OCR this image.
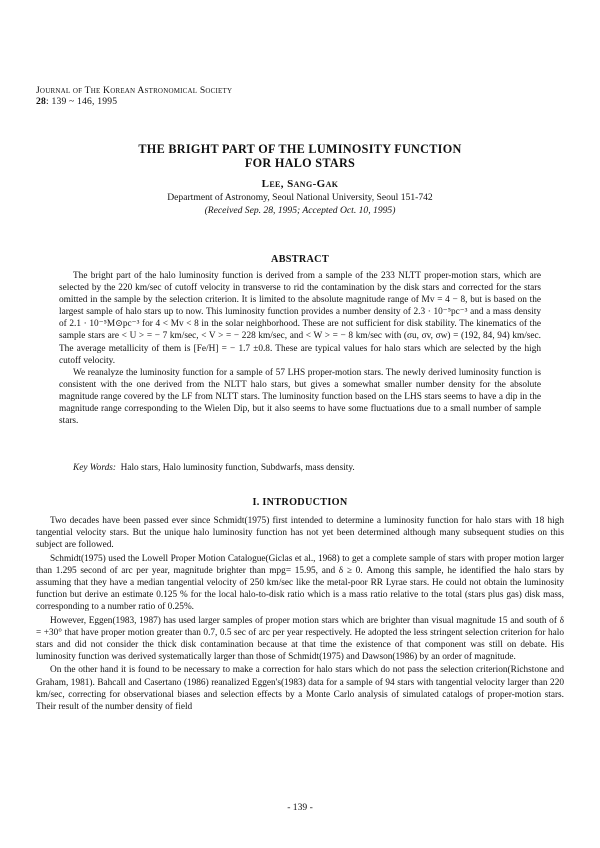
Journal of The Korean Astronomical Society
28: 139 ~ 146, 1995
THE BRIGHT PART OF THE LUMINOSITY FUNCTION
FOR HALO STARS
Lee, Sang-Gak
Department of Astronomy, Seoul National University, Seoul 151-742
(Received Sep. 28, 1995; Accepted Oct. 10, 1995)
ABSTRACT

The bright part of the halo luminosity function is derived from a sample of the 233 NLTT proper-motion stars, which are selected by the 220 km/sec of cutoff velocity in transverse to rid the contamination by the disk stars and corrected for the stars omitted in the sample by the selection criterion. It is limited to the absolute magnitude range of Mv = 4 − 8, but is based on the largest sample of halo stars up to now. This luminosity function provides a number density of 2.3 · 10⁻⁵pc⁻³ and a mass density of 2.1 · 10⁻⁵M⊙pc⁻³ for 4 < Mv < 8 in the solar neighborhood. These are not sufficient for disk stability. The kinematics of the sample stars are < U > = − 7 km/sec, < V > = − 228 km/sec, and < W > = − 8 km/sec with (σu, σv, σw) = (192, 84, 94) km/sec. The average metallicity of them is [Fe/H] = − 1.7 ±0.8. These are typical values for halo stars which are selected by the high cutoff velocity.

We reanalyze the luminosity function for a sample of 57 LHS proper-motion stars. The newly derived luminosity function is consistent with the one derived from the NLTT halo stars, but gives a somewhat smaller number density for the absolute magnitude range covered by the LF from NLTT stars. The luminosity function based on the LHS stars seems to have a dip in the magnitude range corresponding to the Wielen Dip, but it also seems to have some fluctuations due to a small number of sample stars.

Key Words: Halo stars, Halo luminosity function, Subdwarfs, mass density.
I. INTRODUCTION

Two decades have been passed ever since Schmidt(1975) first intended to determine a luminosity function for halo stars with 18 high tangential velocity stars. But the unique halo luminosity function has not yet been determined although many subsequent studies on this subject are followed.

Schmidt(1975) used the Lowell Proper Motion Catalogue(Giclas et al., 1968) to get a complete sample of stars with proper motion larger than 1.295 second of arc per year, magnitude brighter than mpg= 15.95, and δ ≥ 0. Among this sample, he identified the halo stars by assuming that they have a median tangential velocity of 250 km/sec like the metal-poor RR Lyrae stars. He could not obtain the luminosity function but derive an estimate 0.125 % for the local halo-to-disk ratio which is a mass ratio relative to the total (stars plus gas) disk mass, corresponding to a number ratio of 0.25%.

However, Eggen(1983, 1987) has used larger samples of proper motion stars which are brighter than visual magnitude 15 and south of δ = +30° that have proper motion greater than 0.7, 0.5 sec of arc per year respectively. He adopted the less stringent selection criterion for halo stars and did not consider the thick disk contamination because at that time the existence of that component was still on debate. His luminosity function was derived systematically larger than those of Schmidt(1975) and Dawson(1986) by an order of magnitude.

On the other hand it is found to be necessary to make a correction for halo stars which do not pass the selection criterion(Richstone and Graham, 1981). Bahcall and Casertano (1986) reanalized Eggen's(1983) data for a sample of 94 stars with tangential velocity larger than 220 km/sec, correcting for observational biases and selection effects by a Monte Carlo analysis of simulated catalogs of proper-motion stars. Their result of the number density of field

- 139 -
